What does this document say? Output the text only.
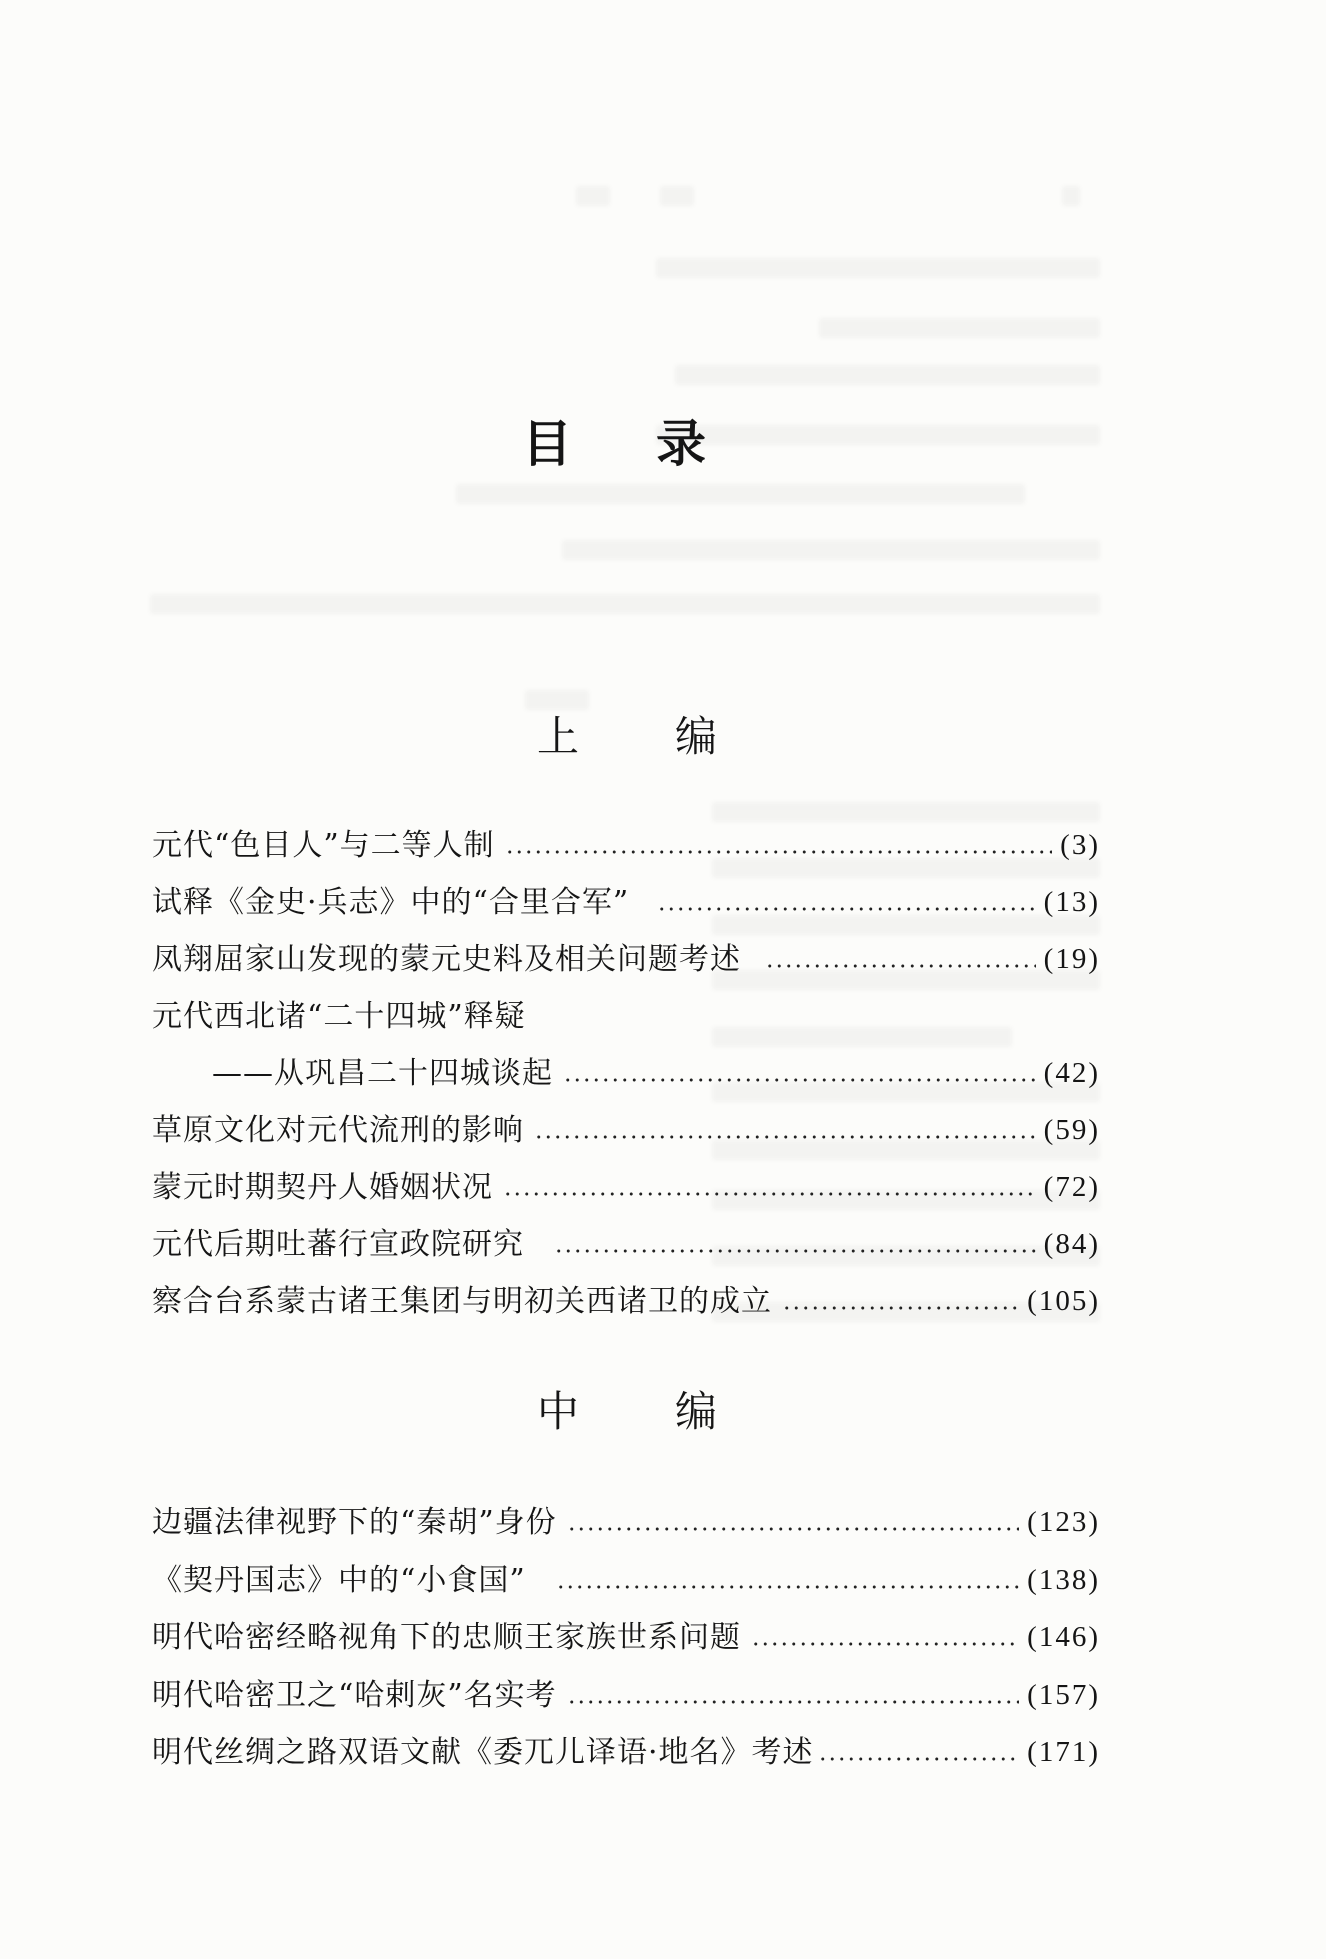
目录
上编
元代“色目人”与二等人制	(3)
试释《金史·兵志》中的“合里合军”	(13)
凤翔屈家山发现的蒙元史料及相关问题考述	(19)
元代西北诸“二十四城”释疑
——从巩昌二十四城谈起	(42)
草原文化对元代流刑的影响	(59)
蒙元时期契丹人婚姻状况	(72)
元代后期吐蕃行宣政院研究	(84)
察合台系蒙古诸王集团与明初关西诸卫的成立	(105)
中编
边疆法律视野下的“秦胡”身份	(123)
《契丹国志》中的“小食国”	(138)
明代哈密经略视角下的忠顺王家族世系问题	(146)
明代哈密卫之“哈剌灰”名实考	(157)
明代丝绸之路双语文献《委兀儿译语·地名》考述	(171)
